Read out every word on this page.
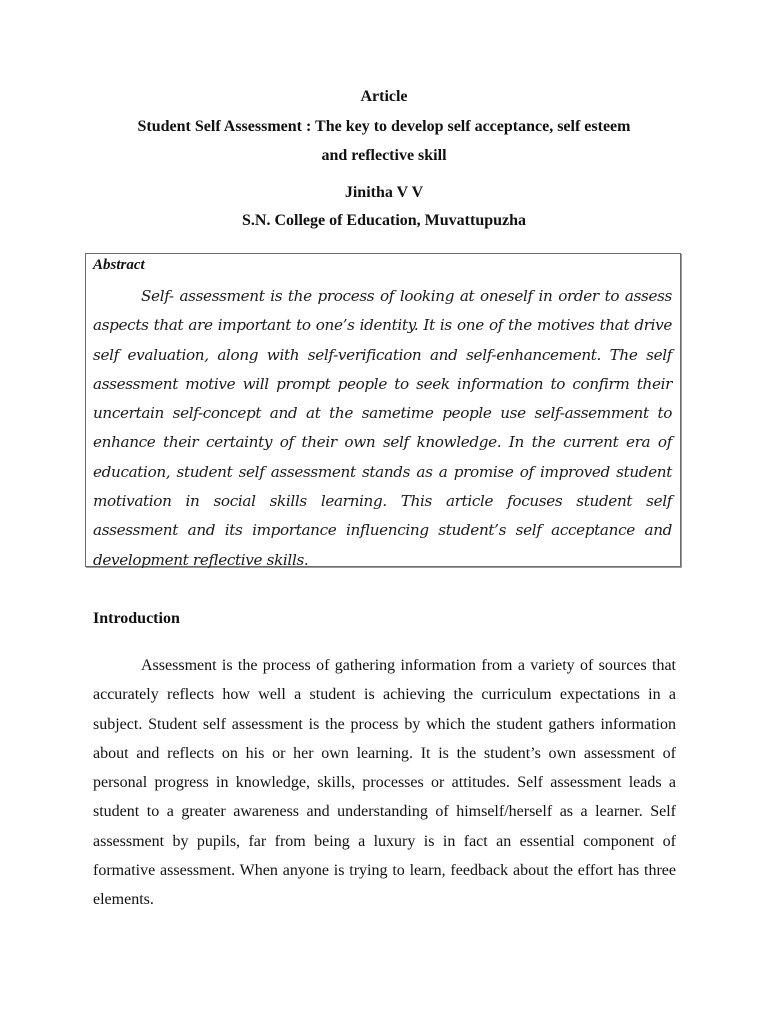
Article
Student Self Assessment : The key to develop self acceptance, self esteem
and reflective skill
Jinitha V V
S.N. College of Education, Muvattupuzha
Abstract
Self- assessment is the process of looking at oneself in order to assess aspects that are important to one’s identity. It is one of the motives that drive self evaluation, along with self-verification and self-enhancement. The self assessment motive will prompt people to seek information to confirm their uncertain self-concept and at the sametime people use self-assemment to enhance their certainty of their own self knowledge. In the current era of education, student self assessment stands as a promise of improved student motivation in social skills learning. This article focuses student self assessment and its importance influencing student’s self acceptance and development reflective skills.
Introduction
Assessment is the process of gathering information from a variety of sources that accurately reflects how well a student is achieving the curriculum expectations in a subject. Student self assessment is the process by which the student gathers information about and reflects on his or her own learning. It is the student’s own assessment of personal progress in knowledge, skills, processes or attitudes. Self assessment leads a student to a greater awareness and understanding of himself/herself as a learner. Self assessment by pupils, far from being a luxury is in fact an essential component of formative assessment. When anyone is trying to learn, feedback about the effort has three elements.
